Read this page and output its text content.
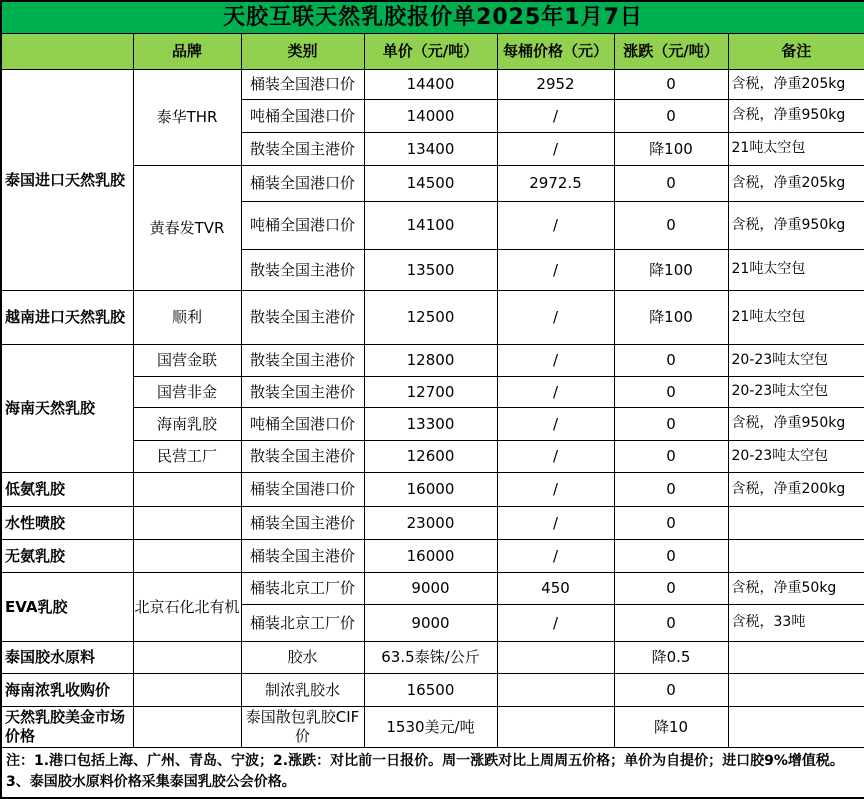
天胶互联天然乳胶报价单2025年1月7日						
	品牌	类别	单价（元/吨）	每桶价格（元）	涨跌（元/吨）	备注
泰国进口天然乳胶	泰华THR	桶装全国港口价	14400	2952	0	含税，净重205kg
		吨桶全国港口价	14000	/	0	含税，净重950kg
		散装全国主港价	13400	/	降100	21吨太空包
	黄春发TVR	桶装全国港口价	14500	2972.5	0	含税，净重205kg
		吨桶全国港口价	14100	/	0	含税，净重950kg
		散装全国主港价	13500	/	降100	21吨太空包
越南进口天然乳胶	顺利	散装全国主港价	12500	/	降100	21吨太空包
海南天然乳胶	国营金联	散装全国主港价	12800	/	0	20-23吨太空包
	国营非金	散装全国主港价	12700	/	0	20-23吨太空包
	海南乳胶	吨桶全国港口价	13300	/	0	含税，净重950kg
	民营工厂	散装全国主港价	12600	/	0	20-23吨太空包
低氨乳胶		桶装全国港口价	16000	/	0	含税，净重200kg
水性喷胶		桶装全国主港价	23000	/	0	
无氨乳胶		桶装全国主港价	16000	/	0	
EVA乳胶	北京石化北有机	桶装北京工厂价	9000	450	0	含税，净重50kg
		桶装北京工厂价	9000	/	0	含税，33吨
泰国胶水原料		胶水	63.5泰铢/公斤		降0.5	
海南浓乳收购价		制浓乳胶水	16500		0	
天然乳胶美金市场价格		泰国散包乳胶CIF价	1530美元/吨		降10	
注：1.港口包括上海、广州、青岛、宁波；2.涨跌：对比前一日报价。周一涨跌对比上周周五价格；单价为自提价；进口胶9%增值税。3、泰国胶水原料价格采集泰国乳胶公会价格。						
